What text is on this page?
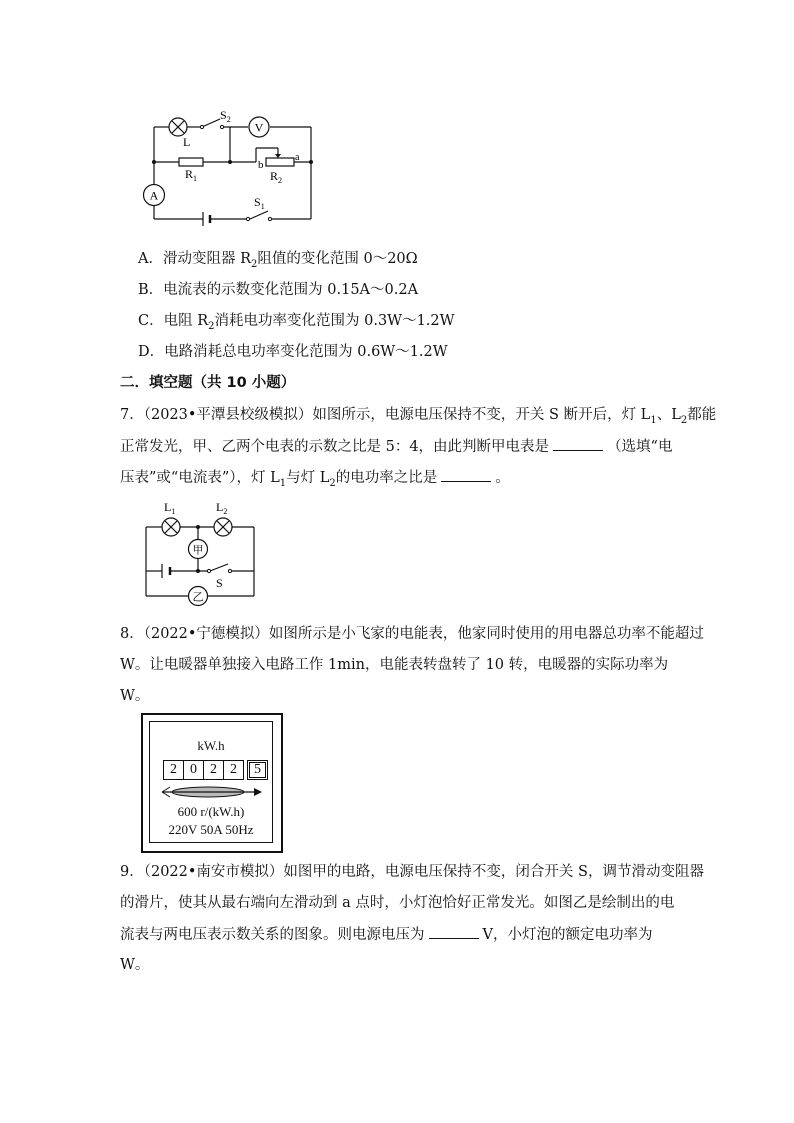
V
A
$S_2$
L
$R_1$
b
a
$R_2$
$S_1$
A．滑动变阻器 $R_2$阻值的变化范围 0～20Ω
B．电流表的示数变化范围为 0.15A～0.2A
C．电阻 $R_2$消耗电功率变化范围为 0.3W～1.2W
D．电路消耗总电功率变化范围为 0.6W～1.2W
二．填空题（共 10 小题）
7．（2023•平潭县校级模拟）如图所示，电源电压保持不变，开关 S 断开后，灯 $L_1$、$L_2$都能
正常发光，甲、乙两个电表的示数之比是 5：4，由此判断甲电表是	（选填“电
压表”或“电流表”），灯 $L_1$与灯 $L_2$的电功率之比是	。
甲
乙
$L_1$	$L_2$
S
8．（2022•宁德模拟）如图所示是小飞家的电能表，他家同时使用的用电器总功率不能超过
W。让电暖器单独接入电路工作 1min，电能表转盘转了 10 转，电暖器的实际功率为
W。
kW.h
2 0 2 2	5
600 r/(kW.h)
220V 50A 50Hz
9．（2022•南安市模拟）如图甲的电路，电源电压保持不变，闭合开关 S，调节滑动变阻器
的滑片，使其从最右端向左滑动到 a 点时，小灯泡恰好正常发光。如图乙是绘制出的电
流表与两电压表示数关系的图象。则电源电压为	V，小灯泡的额定电功率为
W。
